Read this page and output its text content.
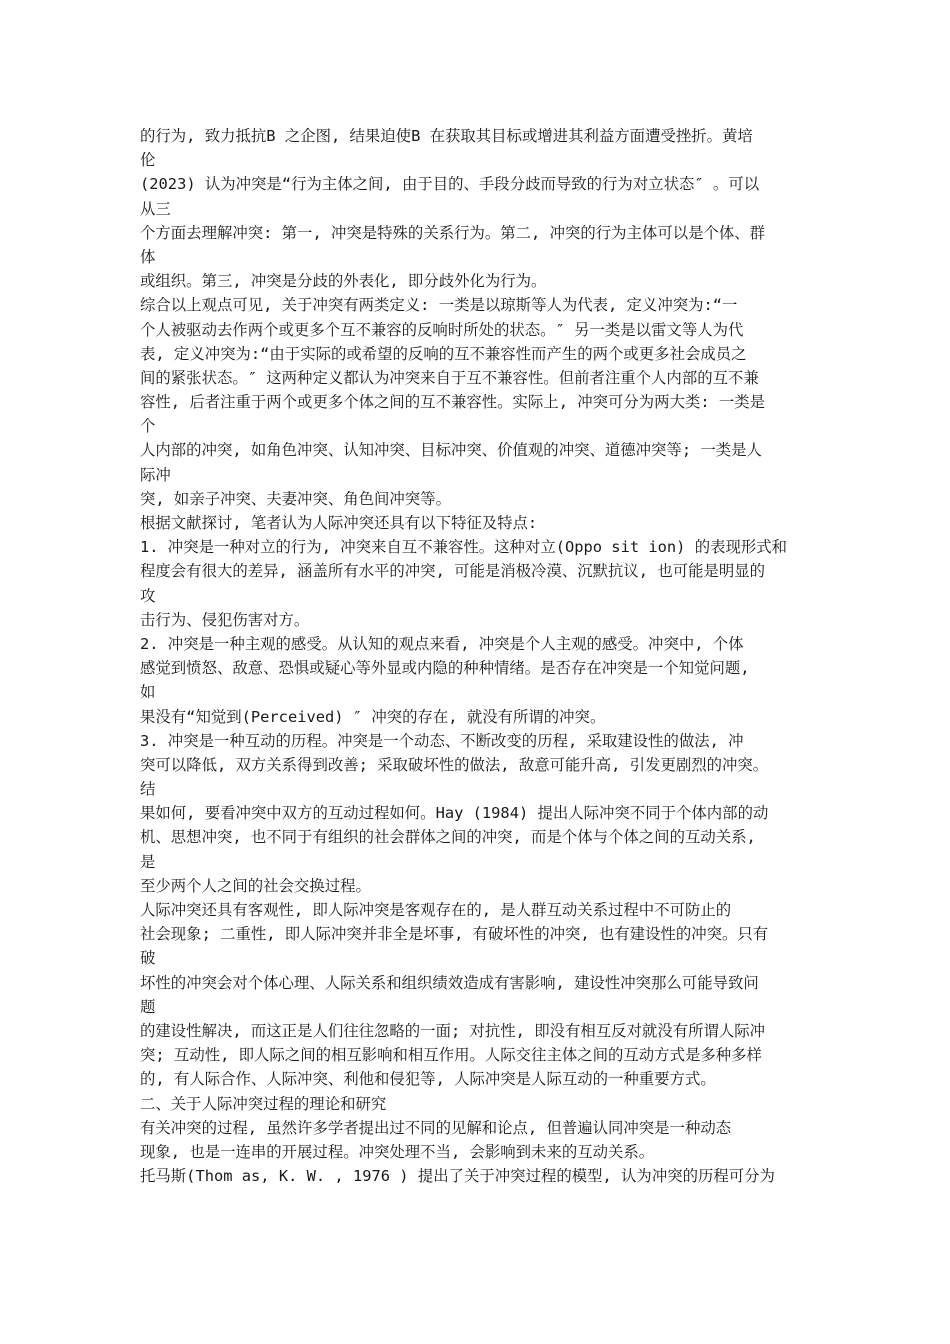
的行为, 致力抵抗B 之企图, 结果迫使B 在获取其目标或增进其利益方面遭受挫折。黄培
伦
(2023) 认为冲突是“行为主体之间, 由于目的、手段分歧而导致的行为对立状态″ 。可以
从三
个方面去理解冲突: 第一, 冲突是特殊的关系行为。第二, 冲突的行为主体可以是个体、群
体
或组织。第三, 冲突是分歧的外表化, 即分歧外化为行为。
综合以上观点可见, 关于冲突有两类定义: 一类是以琼斯等人为代表, 定义冲突为:“一
个人被驱动去作两个或更多个互不兼容的反响时所处的状态。″ 另一类是以雷文等人为代
表, 定义冲突为:“由于实际的或希望的反响的互不兼容性而产生的两个或更多社会成员之
间的紧张状态。″ 这两种定义都认为冲突来自于互不兼容性。但前者注重个人内部的互不兼
容性, 后者注重于两个或更多个体之间的互不兼容性。实际上, 冲突可分为两大类: 一类是
个
人内部的冲突, 如角色冲突、认知冲突、目标冲突、价值观的冲突、道德冲突等; 一类是人
际冲
突, 如亲子冲突、夫妻冲突、角色间冲突等。
根据文献探讨, 笔者认为人际冲突还具有以下特征及特点:
1. 冲突是一种对立的行为, 冲突来自互不兼容性。这种对立(Oppo sit ion) 的表现形式和
程度会有很大的差异, 涵盖所有水平的冲突, 可能是消极冷漠、沉默抗议, 也可能是明显的
攻
击行为、侵犯伤害对方。
2. 冲突是一种主观的感受。从认知的观点来看, 冲突是个人主观的感受。冲突中, 个体
感觉到愤怒、敌意、恐惧或疑心等外显或内隐的种种情绪。是否存在冲突是一个知觉问题,
如
果没有“知觉到(Perceived) ″ 冲突的存在, 就没有所谓的冲突。
3. 冲突是一种互动的历程。冲突是一个动态、不断改变的历程, 采取建设性的做法, 冲
突可以降低, 双方关系得到改善; 采取破坏性的做法, 敌意可能升高, 引发更剧烈的冲突。
结
果如何, 要看冲突中双方的互动过程如何。Hay (1984) 提出人际冲突不同于个体内部的动
机、思想冲突, 也不同于有组织的社会群体之间的冲突, 而是个体与个体之间的互动关系,
是
至少两个人之间的社会交换过程。
人际冲突还具有客观性, 即人际冲突是客观存在的, 是人群互动关系过程中不可防止的
社会现象; 二重性, 即人际冲突并非全是坏事, 有破坏性的冲突, 也有建设性的冲突。只有
破
坏性的冲突会对个体心理、人际关系和组织绩效造成有害影响, 建设性冲突那么可能导致问
题
的建设性解决, 而这正是人们往往忽略的一面; 对抗性, 即没有相互反对就没有所谓人际冲
突; 互动性, 即人际之间的相互影响和相互作用。人际交往主体之间的互动方式是多种多样
的, 有人际合作、人际冲突、利他和侵犯等, 人际冲突是人际互动的一种重要方式。
二、关于人际冲突过程的理论和研究
有关冲突的过程, 虽然许多学者提出过不同的见解和论点, 但普遍认同冲突是一种动态
现象, 也是一连串的开展过程。冲突处理不当, 会影响到未来的互动关系。
托马斯(Thom as, K. W. , 1976 ) 提出了关于冲突过程的模型, 认为冲突的历程可分为
